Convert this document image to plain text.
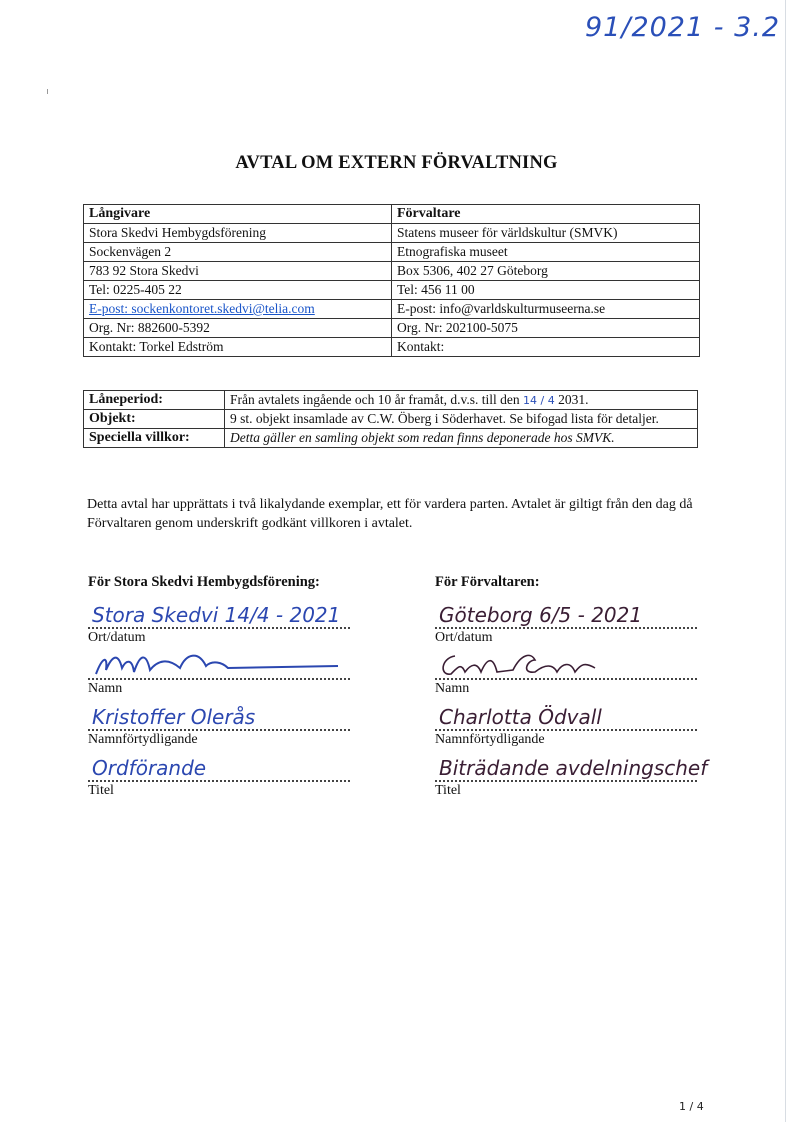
91/2021 - 3.2
AVTAL OM EXTERN FÖRVALTNING
Långivare	Förvaltare
Stora Skedvi Hembygdsförening	Statens museer för världskultur (SMVK)
Sockenvägen 2	Etnografiska museet
783 92 Stora Skedvi	Box 5306, 402 27 Göteborg
Tel: 0225-405 22	Tel: 456 11 00
E-post: sockenkontoret.skedvi@telia.com	E-post: info@varldskulturmuseerna.se
Org. Nr: 882600-5392	Org. Nr: 202100-5075
Kontakt: Torkel Edström	Kontakt:
Låneperiod:	Från avtalets ingående och 10 år framåt, d.v.s. till den 14 / 4 2031.
Objekt:	9 st. objekt insamlade av C.W. Öberg i Söderhavet. Se bifogad lista för detaljer.
Speciella villkor:	Detta gäller en samling objekt som redan finns deponerade hos SMVK.
Detta avtal har upprättats i två likalydande exemplar, ett för vardera parten. Avtalet är giltigt från den dag då Förvaltaren genom underskrift godkänt villkoren i avtalet.
För Stora Skedvi Hembygdsförening:
Stora Skedvi 14/4 - 2021
Ort/datum
Namn
Kristoffer Olerås
Namnförtydligande
Ordförande
Titel
För Förvaltaren:
Göteborg 6/5 - 2021
Ort/datum
Namn
Charlotta Ödvall
Namnförtydligande
Biträdande avdelningschef
Titel
1 / 4
